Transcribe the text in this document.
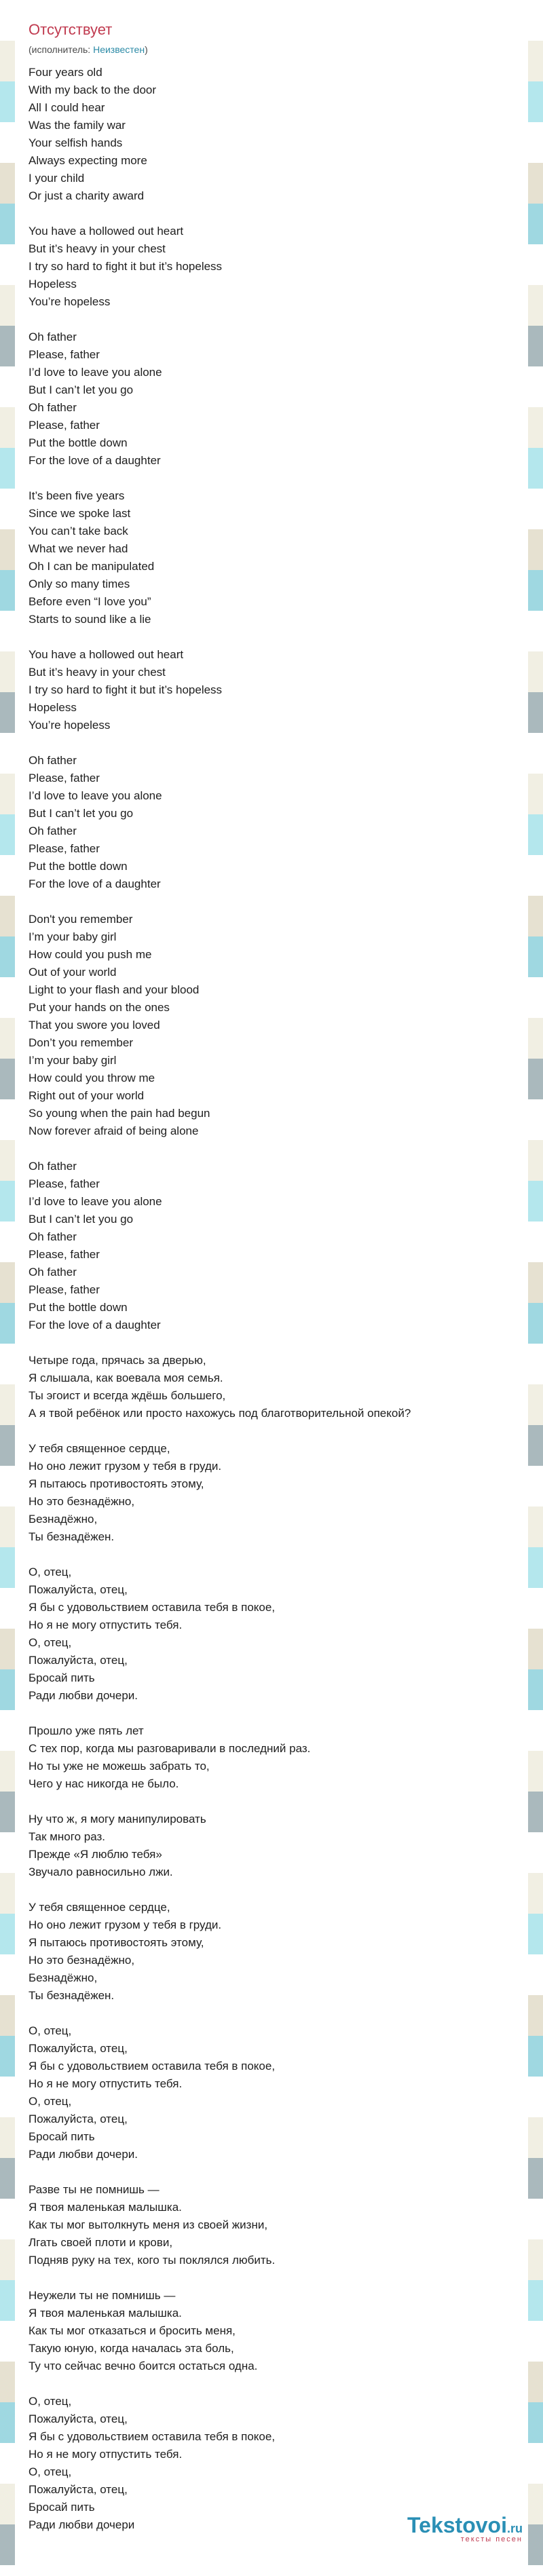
Отсутствует
(исполнитель: Неизвестен)
Four years old
With my back to the door
All I could hear
Was the family war
Your selfish hands
Always expecting more
I your child
Or just a charity award
You have a hollowed out heart
But it’s heavy in your chest
I try so hard to fight it but it’s hopeless
Hopeless
You’re hopeless
Oh father
Please, father
I’d love to leave you alone
But I can’t let you go
Oh father
Please, father
Put the bottle down
For the love of a daughter
It’s been five years
Since we spoke last
You can’t take back
What we never had
Oh I can be manipulated
Only so many times
Before even “I love you”
Starts to sound like a lie
You have a hollowed out heart
But it’s heavy in your chest
I try so hard to fight it but it’s hopeless
Hopeless
You’re hopeless
Oh father
Please, father
I’d love to leave you alone
But I can’t let you go
Oh father
Please, father
Put the bottle down
For the love of a daughter
Don't you remember
I’m your baby girl
How could you push me
Out of your world
Light to your flash and your blood
Put your hands on the ones
That you swore you loved
Don’t you remember
I’m your baby girl
How could you throw me
Right out of your world
So young when the pain had begun
Now forever afraid of being alone
Oh father
Please, father
I’d love to leave you alone
But I can’t let you go
Oh father
Please, father
Oh father
Please, father
Put the bottle down
For the love of a daughter
Четыре года, прячась за дверью,
Я слышала, как воевала моя семья.
Ты эгоист и всегда ждёшь большего,
А я твой ребёнок или просто нахожусь под благотворительной опекой?
У тебя священное сердце,
Но оно лежит грузом у тебя в груди.
Я пытаюсь противостоять этому,
Но это безнадёжно,
Безнадёжно,
Ты безнадёжен.
О, отец,
Пожалуйста, отец,
Я бы с удовольствием оставила тебя в покое,
Но я не могу отпустить тебя.
О, отец,
Пожалуйста, отец,
Бросай пить
Ради любви дочери.
Прошло уже пять лет
С тех пор, когда мы разговаривали в последний раз.
Но ты уже не можешь забрать то,
Чего у нас никогда не было.
Ну что ж, я могу манипулировать
Так много раз.
Прежде «Я люблю тебя»
Звучало равносильно лжи.
У тебя священное сердце,
Но оно лежит грузом у тебя в груди.
Я пытаюсь противостоять этому,
Но это безнадёжно,
Безнадёжно,
Ты безнадёжен.
О, отец,
Пожалуйста, отец,
Я бы с удовольствием оставила тебя в покое,
Но я не могу отпустить тебя.
О, отец,
Пожалуйста, отец,
Бросай пить
Ради любви дочери.
Разве ты не помнишь —
Я твоя маленькая малышка.
Как ты мог вытолкнуть меня из своей жизни,
Лгать своей плоти и крови,
Подняв руку на тех, кого ты поклялся любить.
Неужели ты не помнишь —
Я твоя маленькая малышка.
Как ты мог отказаться и бросить меня,
Такую юную, когда началась эта боль,
Ту что сейчас вечно боится остаться одна.
О, отец,
Пожалуйста, отец,
Я бы с удовольствием оставила тебя в покое,
Но я не могу отпустить тебя.
О, отец,
Пожалуйста, отец,
Бросай пить
Ради любви дочери	Tekstovoi.ru
тексты песен
